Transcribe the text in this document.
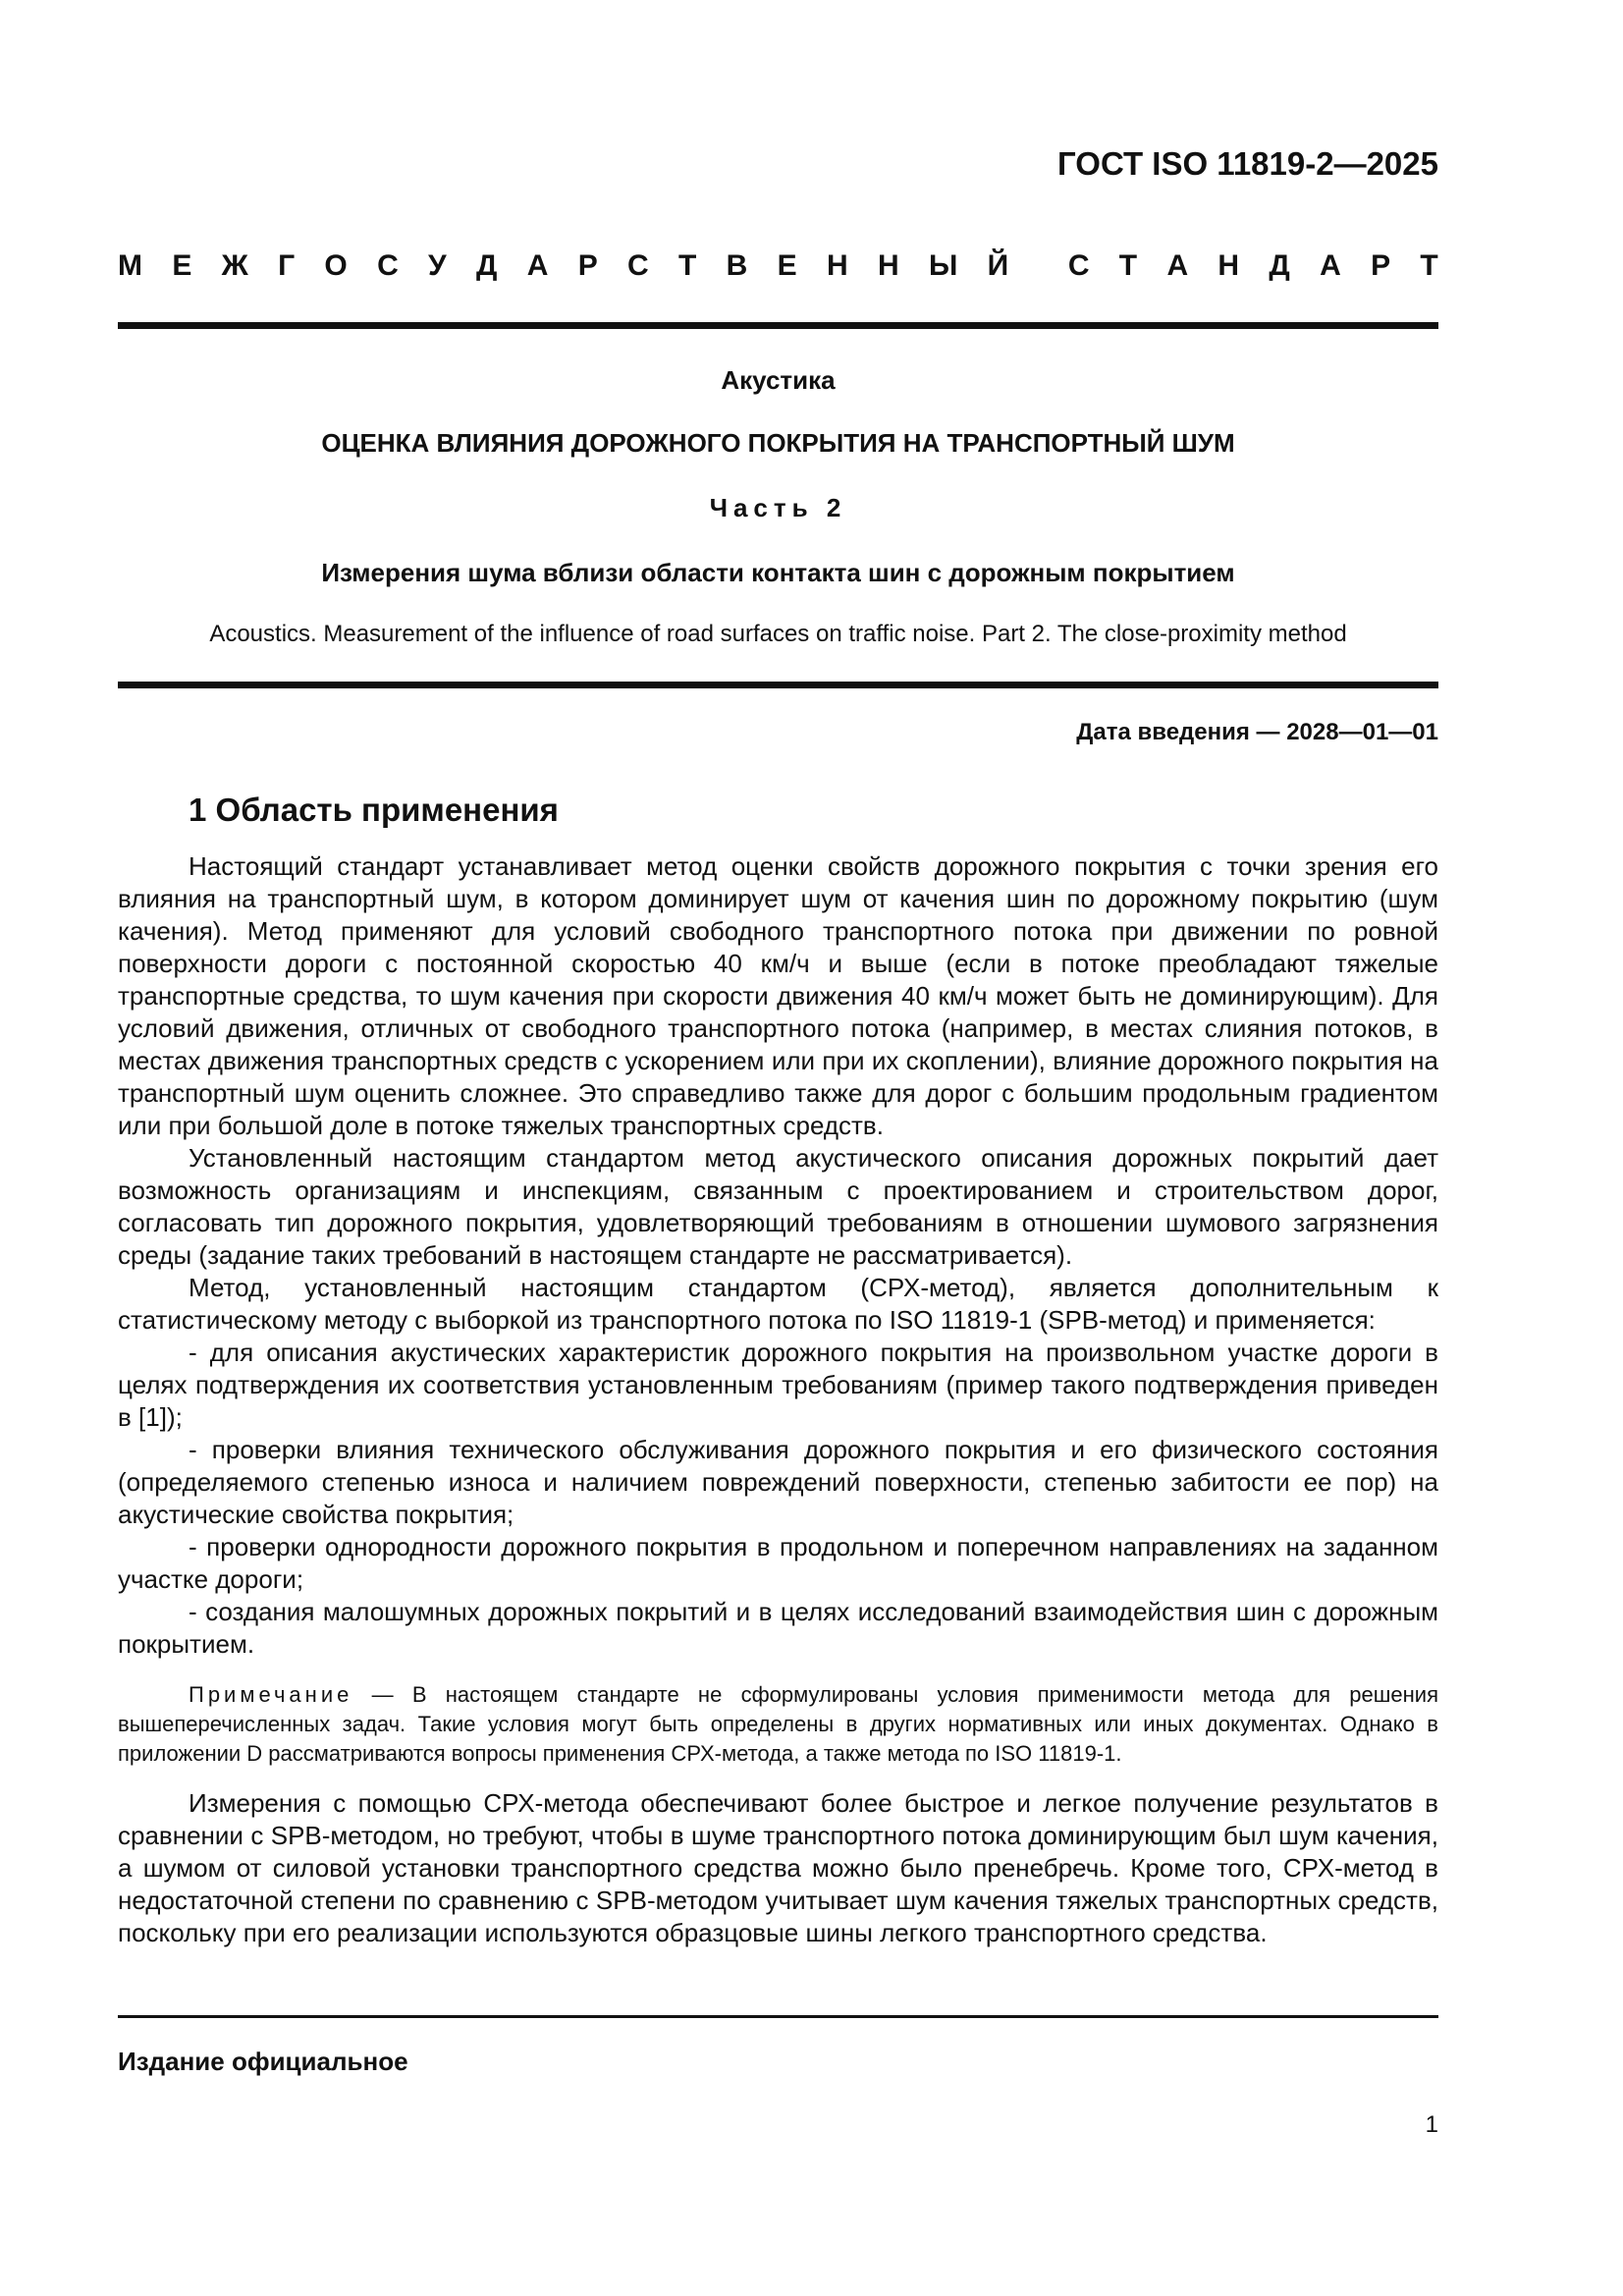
ГОСТ ISO 11819-2—2025
М Е Ж Г О С У Д А Р С Т В Е Н Н Ы Й С Т А Н Д А Р Т
Акустика
ОЦЕНКА ВЛИЯНИЯ ДОРОЖНОГО ПОКРЫТИЯ НА ТРАНСПОРТНЫЙ ШУМ
Часть 2
Измерения шума вблизи области контакта шин с дорожным покрытием
Acoustics. Measurement of the influence of road surfaces on traffic noise. Part 2. The close-proximity method
Дата введения — 2028—01—01
1 Область применения

Настоящий стандарт устанавливает метод оценки свойств дорожного покрытия с точки зрения его влияния на транспортный шум, в котором доминирует шум от качения шин по дорожному покрытию (шум качения). Метод применяют для условий свободного транспортного потока при движении по ровной поверхности дороги с постоянной скоростью 40 км/ч и выше (если в потоке преобладают тяжелые транспортные средства, то шум качения при скорости движения 40 км/ч может быть не доминирующим). Для условий движения, отличных от свободного транспортного потока (например, в местах слияния потоков, в местах движения транспортных средств с ускорением или при их скоплении), влияние дорожного покрытия на транспортный шум оценить сложнее. Это справедливо также для дорог с большим продольным градиентом или при большой доле в потоке тяжелых транспортных средств.

Установленный настоящим стандартом метод акустического описания дорожных покрытий дает возможность организациям и инспекциям, связанным с проектированием и строительством дорог, согласовать тип дорожного покрытия, удовлетворяющий требованиям в отношении шумового загрязнения среды (задание таких требований в настоящем стандарте не рассматривается).

Метод, установленный настоящим стандартом (СРХ-метод), является дополнительным к статистическому методу с выборкой из транспортного потока по ISO 11819-1 (SPB-метод) и применяется:

- для описания акустических характеристик дорожного покрытия на произвольном участке дороги в целях подтверждения их соответствия установленным требованиям (пример такого подтверждения приведен в [1]);

- проверки влияния технического обслуживания дорожного покрытия и его физического состояния (определяемого степенью износа и наличием повреждений поверхности, степенью забитости ее пор) на акустические свойства покрытия;

- проверки однородности дорожного покрытия в продольном и поперечном направлениях на заданном участке дороги;

- создания малошумных дорожных покрытий и в целях исследований взаимодействия шин с дорожным покрытием.

Примечание — В настоящем стандарте не сформулированы условия применимости метода для решения вышеперечисленных задач. Такие условия могут быть определены в других нормативных или иных документах. Однако в приложении D рассматриваются вопросы применения СРХ-метода, а также метода по ISO 11819-1.

Измерения с помощью СРХ-метода обеспечивают более быстрое и легкое получение результатов в сравнении с SPB-методом, но требуют, чтобы в шуме транспортного потока доминирующим был шум качения, а шумом от силовой установки транспортного средства можно было пренебречь. Кроме того, СРХ-метод в недостаточной степени по сравнению с SPB-методом учитывает шум качения тяжелых транспортных средств, поскольку при его реализации используются образцовые шины легкого транспортного средства.

Издание официальное
1
